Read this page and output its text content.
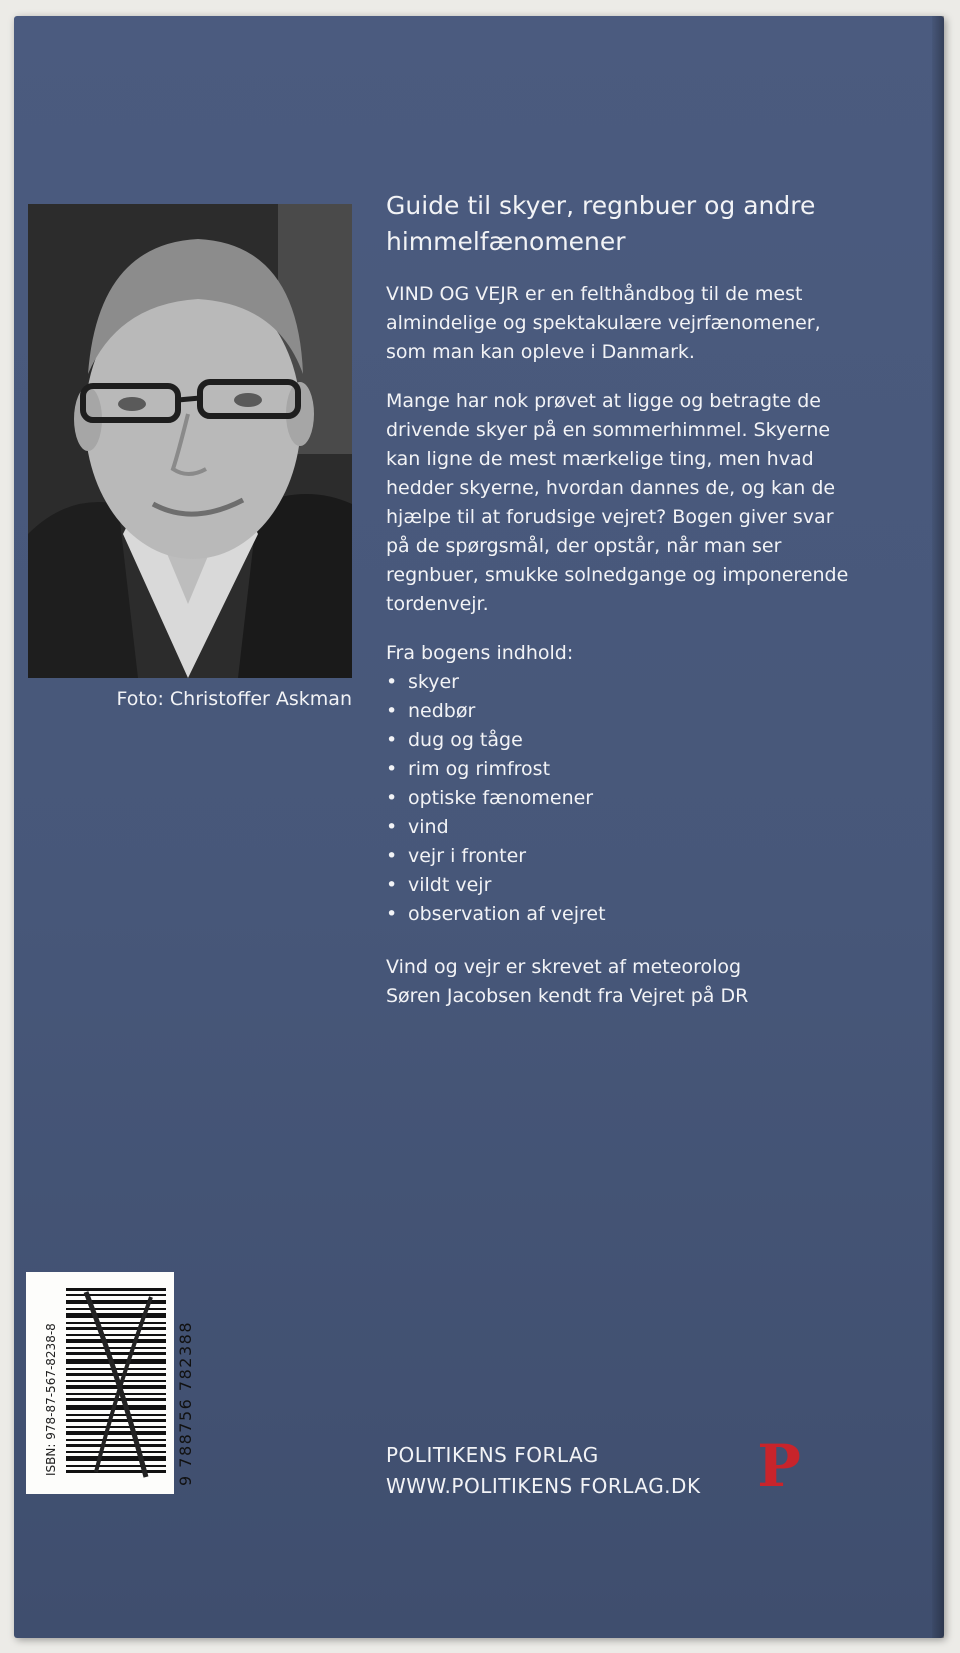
Foto: Christoffer Askman
Guide til skyer, regnbuer og andre himmelfænomener

VIND OG VEJR er en felthåndbog til de mest almindelige og spektakulære vejrfænomener, som man kan opleve i Danmark.

Mange har nok prøvet at ligge og betragte de drivende skyer på en sommerhimmel. Skyerne kan ligne de mest mærkelige ting, men hvad hedder skyerne, hvordan dannes de, og kan de hjælpe til at forudsige vejret? Bogen giver svar på de spørgsmål, der opstår, når man ser regnbuer, smukke solnedgange og imponerende tordenvejr.

Fra bogens indhold:

• skyer
• nedbør
• dug og tåge
• rim og rimfrost
• optiske fænomener
• vind
• vejr i fronter
• vildt vejr
• observation af vejret

Vind og vejr er skrevet af meteorolog
Søren Jacobsen kendt fra Vejret på DR

ISBN: 978-87-567-8238-8	9 788756 782388	POLITIKENS FORLAG
WWW.POLITIKENS FORLAG.DK P
